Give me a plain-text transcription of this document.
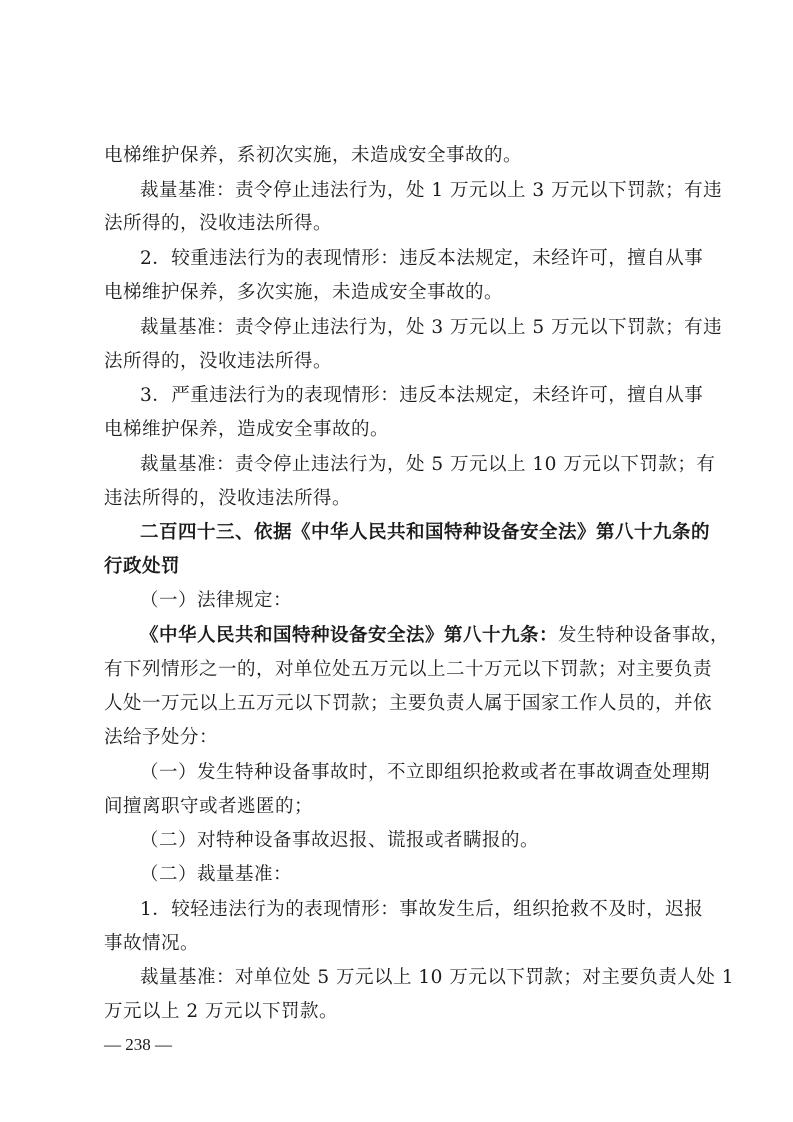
电梯维护保养，系初次实施，未造成安全事故的。
裁量基准：责令停止违法行为，处 1 万元以上 3 万元以下罚款；有违
法所得的，没收违法所得。
2．较重违法行为的表现情形：违反本法规定，未经许可，擅自从事
电梯维护保养，多次实施，未造成安全事故的。
裁量基准：责令停止违法行为，处 3 万元以上 5 万元以下罚款；有违
法所得的，没收违法所得。
3．严重违法行为的表现情形：违反本法规定，未经许可，擅自从事
电梯维护保养，造成安全事故的。
裁量基准：责令停止违法行为，处 5 万元以上 10 万元以下罚款；有
违法所得的，没收违法所得。
二百四十三、依据《中华人民共和国特种设备安全法》第八十九条的
行政处罚
（一）法律规定：
《中华人民共和国特种设备安全法》第八十九条：发生特种设备事故，
有下列情形之一的，对单位处五万元以上二十万元以下罚款；对主要负责
人处一万元以上五万元以下罚款；主要负责人属于国家工作人员的，并依
法给予处分：
（一）发生特种设备事故时，不立即组织抢救或者在事故调查处理期
间擅离职守或者逃匿的；
（二）对特种设备事故迟报、谎报或者瞒报的。
（二）裁量基准：
1．较轻违法行为的表现情形：事故发生后，组织抢救不及时，迟报
事故情况。
裁量基准：对单位处 5 万元以上 10 万元以下罚款；对主要负责人处 1
万元以上 2 万元以下罚款。
— 238 —
